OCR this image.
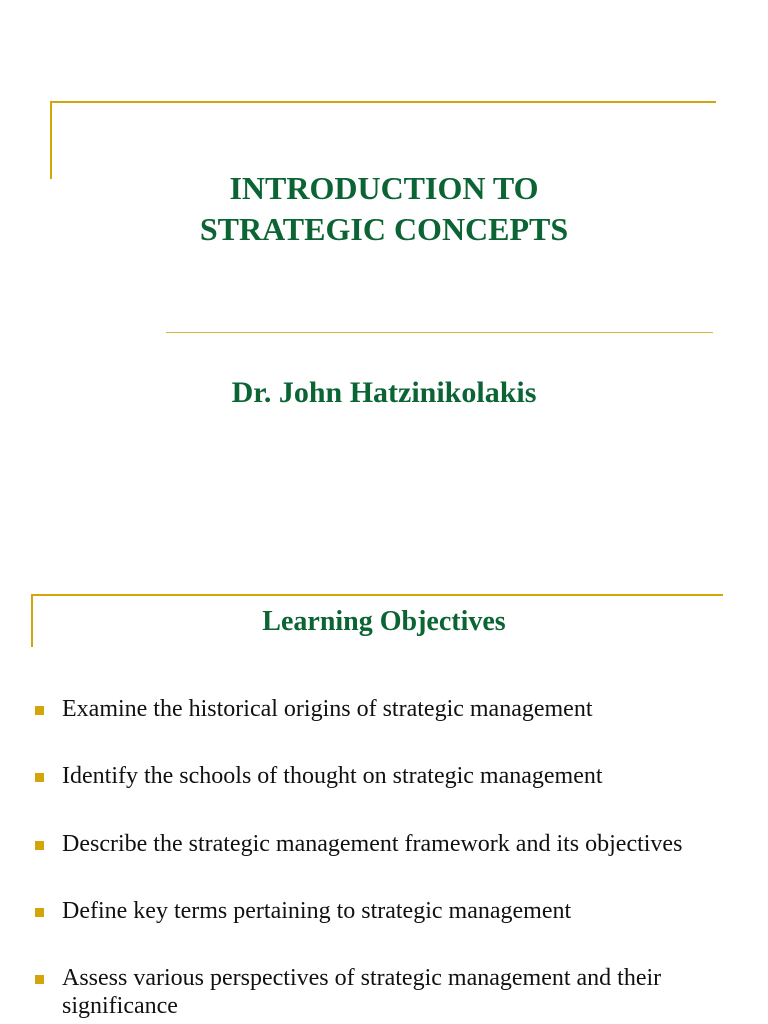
INTRODUCTION TO
STRATEGIC CONCEPTS
Dr. John Hatzinikolakis
Learning Objectives
Examine the historical origins of strategic management
Identify the schools of thought on strategic management
Describe the strategic management framework and its objectives
Define key terms pertaining to strategic management
Assess various perspectives of strategic management and their significance
